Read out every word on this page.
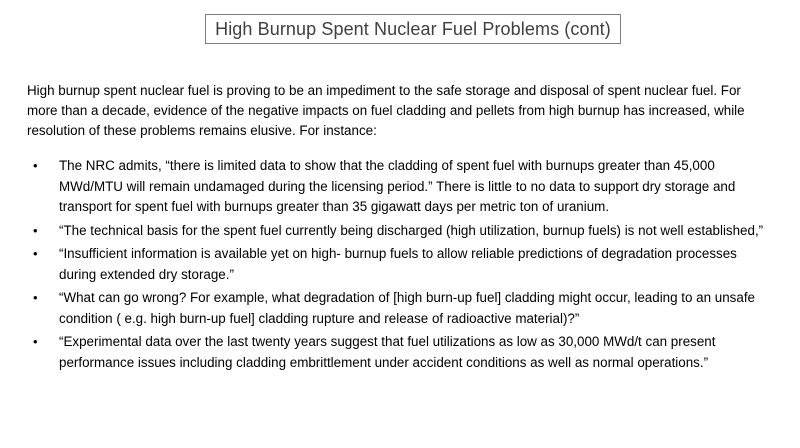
High Burnup Spent Nuclear Fuel Problems (cont)
High burnup spent nuclear fuel is proving to be an impediment to the safe storage and disposal of spent nuclear fuel. For more than a decade, evidence of the negative impacts on fuel cladding and pellets from high burnup has increased, while resolution of these problems remains elusive. For instance:
• The NRC admits, “there is limited data to show that the cladding of spent fuel with burnups greater than 45,000 MWd/MTU will remain undamaged during the licensing period.” There is little to no data to support dry storage and transport for spent fuel with burnups greater than 35 gigawatt days per metric ton of uranium.
• “The technical basis for the spent fuel currently being discharged (high utilization, burnup fuels) is not well established,”
• “Insufficient information is available yet on high- burnup fuels to allow reliable predictions of degradation processes during extended dry storage.”
• “What can go wrong? For example, what degradation of [high burn-up fuel] cladding might occur, leading to an unsafe condition ( e.g. high burn-up fuel] cladding rupture and release of radioactive material)?”
• “Experimental data over the last twenty years suggest that fuel utilizations as low as 30,000 MWd/t can present performance issues including cladding embrittlement under accident conditions as well as normal operations.”
